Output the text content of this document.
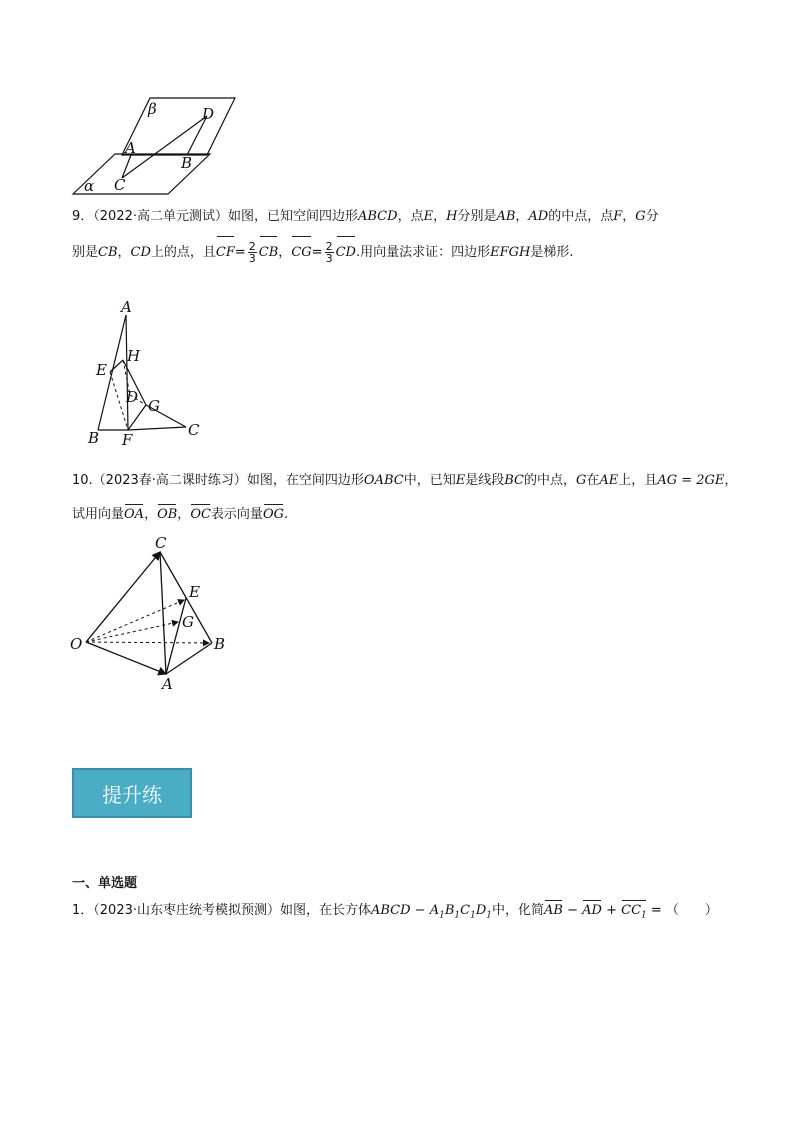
β	D
A
B
α C
9．（2022·高二单元测试）如图，已知空间四边形ABCD，点E，H分别是AB，AD的中点，点F，G分
别是CB，CD上的点，且$CF= \frac{2}{3}$ CB，$CG= \frac{2}{3}$ CD.用向量法求证：四边形EFGH是梯形.
A
H
E
D G
B F
C
10.（2023春·高二课时练习）如图，在空间四边形OABC中，已知E是线段BC的中点，G在AE上，且AG = 2GE，
试用向量OA，OB，OC表示向量OG.
C
E
G
O	B
A
提升练
一、单选题
1．（2023·山东枣庄统考模拟预测）如图，在长方体ABCD − $A_1B_1C_1D_1$中，化简AB − AD + $CC_1$ = （　　）
